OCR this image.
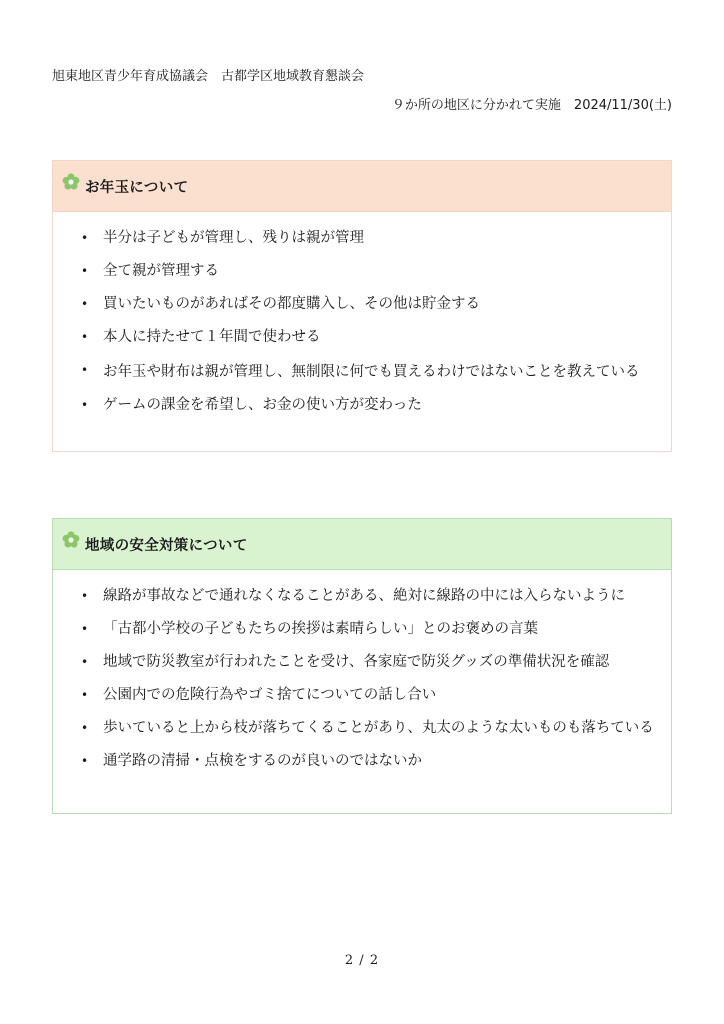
旭東地区青少年育成協議会　古都学区地域教育懇談会
９か所の地区に分かれて実施　2024/11/30(土)
お年玉について
• 半分は子どもが管理し、残りは親が管理
• 全て親が管理する
• 買いたいものがあればその都度購入し、その他は貯金する
• 本人に持たせて１年間で使わせる
• お年玉や財布は親が管理し、無制限に何でも買えるわけではないことを教えている
• ゲームの課金を希望し、お金の使い方が変わった
地域の安全対策について
• 線路が事故などで通れなくなることがある、絶対に線路の中には入らないように
• 「古都小学校の子どもたちの挨拶は素晴らしい」とのお褒めの言葉
• 地域で防災教室が行われたことを受け、各家庭で防災グッズの準備状況を確認
• 公園内での危険行為やゴミ捨てについての話し合い
• 歩いていると上から枝が落ちてくることがあり、丸太のような太いものも落ちている
• 通学路の清掃・点検をするのが良いのではないか
2 / 2
